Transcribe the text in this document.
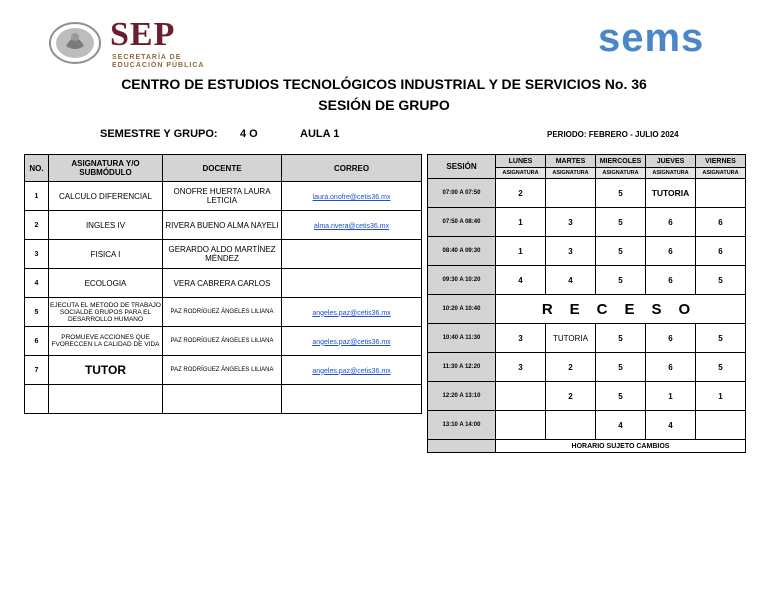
SEP
SECRETARÍA DE
EDUCACIÓN PÚBLICA
sems
CENTRO DE ESTUDIOS TECNOLÓGICOS INDUSTRIAL Y DE SERVICIOS No. 36
SESIÓN DE GRUPO
SEMESTRE Y GRUPO: 4 O	AULA 1	PERIODO: FEBRERO - JULIO 2024
NO.	ASIGNATURA Y/O SUBMÓDULO	DOCENTE	CORREO
1	CALCULO DIFERENCIAL	ONOFRE HUERTA LAURA LETICIA	laura.onofre@cetis36.mx
2	INGLES IV	RIVERA BUENO ALMA NAYELI	alma.rivera@cetis36.mx
3	FISICA I	GERARDO ALDO MARTÍNEZ MÉNDEZ	
4	ECOLOGIA	VERA CABRERA CARLOS	
5	EJECUTA EL METODO DE TRABAJO SOCIALDE GRUPOS PARA EL DESARROLLO HUMANO	PAZ RODRÍGUEZ ÁNGELES LILIANA	angeles.paz@cetis36.mx
6	PROMUEVE ACCIONES QUE FVORECCEN LA CALIDAD DE VIDA	PAZ RODRÍGUEZ ÁNGELES LILIANA	angeles.paz@cetis36.mx
7	TUTOR	PAZ RODRÍGUEZ ÁNGELES LILIANA	angeles.paz@cetis36.mx

SESIÓN	LUNES	MARTES	MIERCOLES	JUEVES	VIERNES
	ASIGNATURA	ASIGNATURA	ASIGNATURA	ASIGNATURA	ASIGNATURA
07:00 A 07:50	2		5	TUTORIA	
07:50 A 08:40	1	3	5	6	6
08:40 A 09:30	1	3	5	6	6
09:30 A 10:20	4	4	5	6	5
10:20 A 10:40	RECESO				
10:40 A 11:30	3	TUTORIA	5	6	5
11:30 A 12:20	3	2	5	6	5
12:20 A 13:10		2	5	1	1
13:10 A 14:00			4	4	
	HORARIO SUJETO CAMBIOS				
